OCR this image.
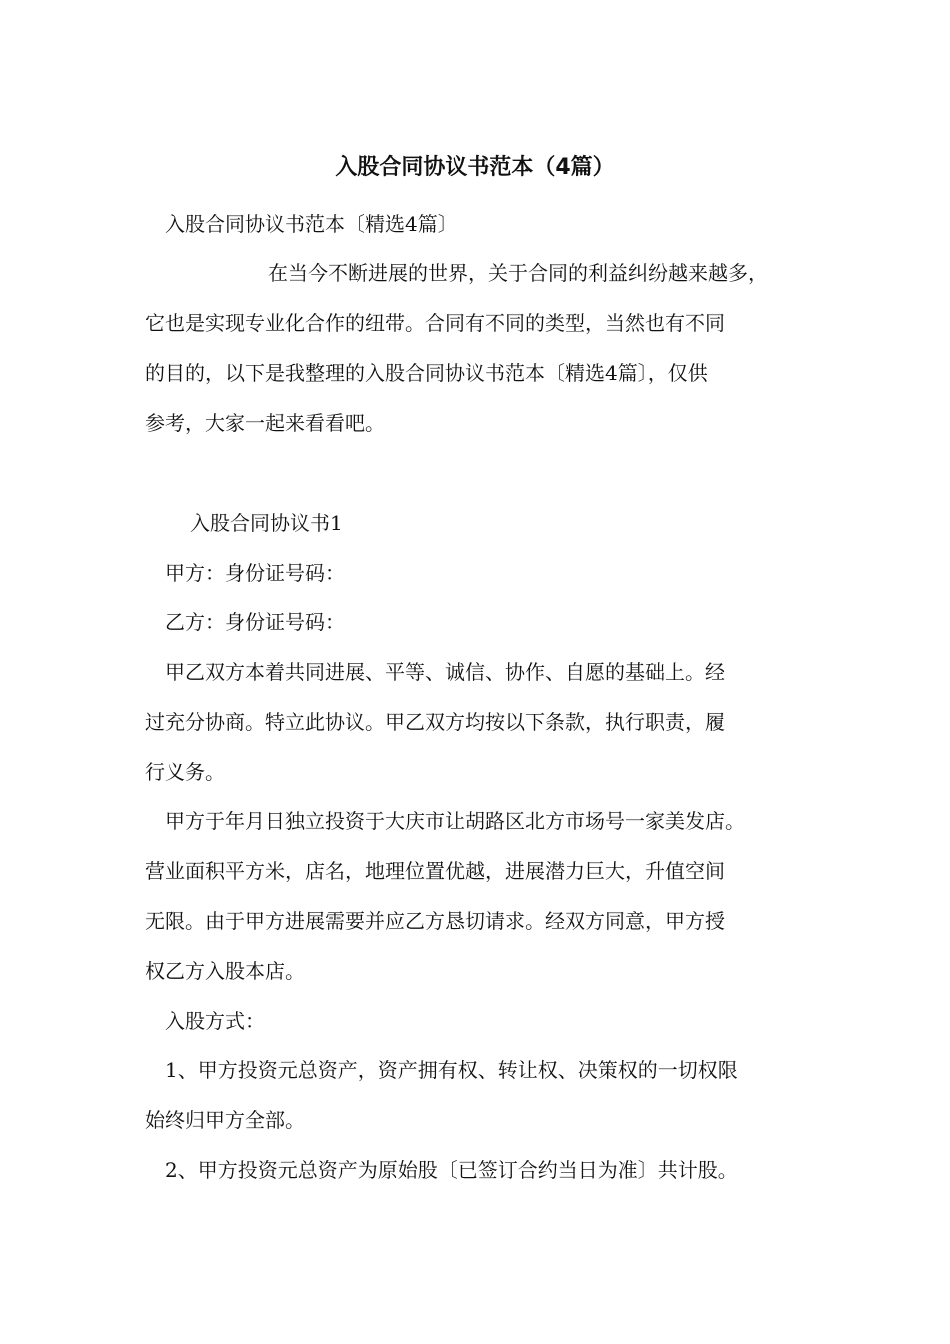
入股合同协议书范本（4篇）
入股合同协议书范本〔精选4篇〕
在当今不断进展的世界，关于合同的利益纠纷越来越多，
它也是实现专业化合作的纽带。合同有不同的类型，当然也有不同
的目的，以下是我整理的入股合同协议书范本〔精选4篇〕，仅供
参考，大家一起来看看吧。
入股合同协议书1
甲方：身份证号码：
乙方：身份证号码：
甲乙双方本着共同进展、平等、诚信、协作、自愿的基础上。经
过充分协商。特立此协议。甲乙双方均按以下条款，执行职责，履
行义务。
甲方于年月日独立投资于大庆市让胡路区北方市场号一家美发店。
营业面积平方米，店名，地理位置优越，进展潜力巨大，升值空间
无限。由于甲方进展需要并应乙方恳切请求。经双方同意，甲方授
权乙方入股本店。
入股方式：
1、甲方投资元总资产，资产拥有权、转让权、决策权的一切权限
始终归甲方全部。
2、甲方投资元总资产为原始股〔已签订合约当日为准〕共计股。
